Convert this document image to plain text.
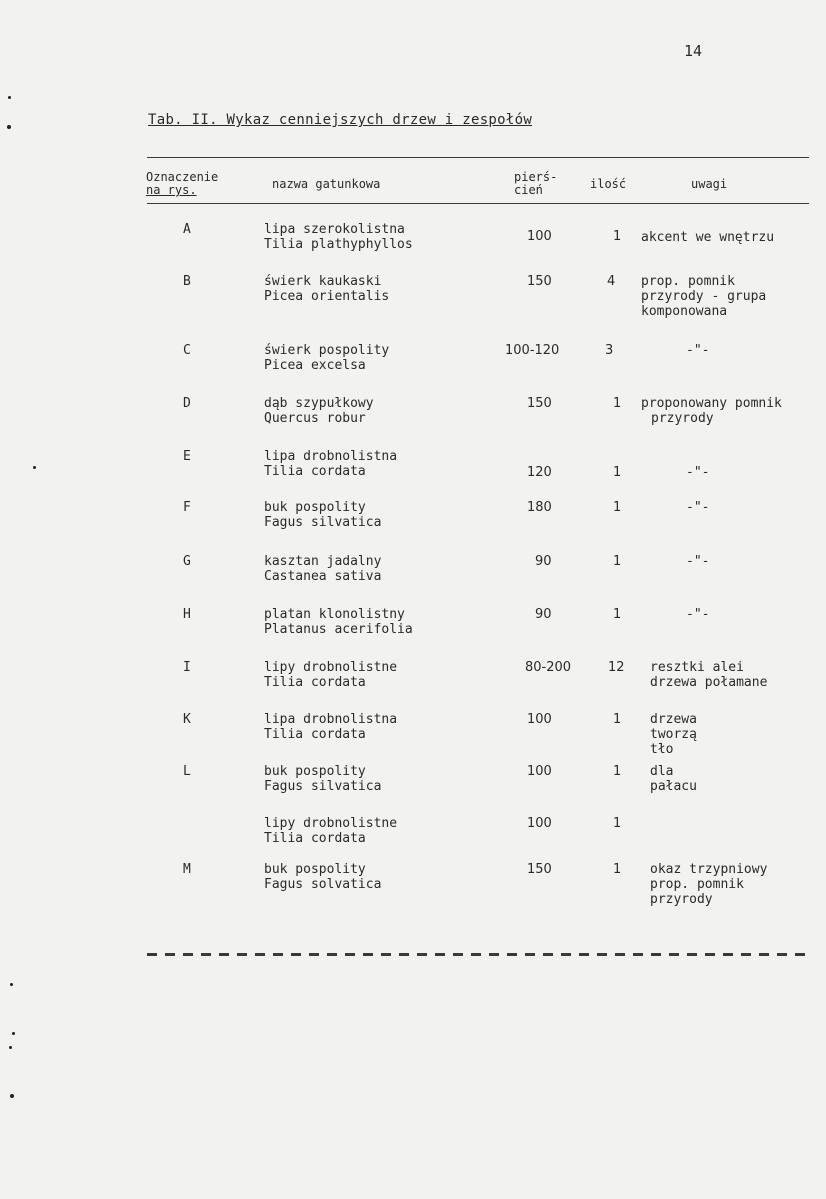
14
Tab. II. Wykaz cenniejszych drzew i zespołów
Oznaczenie
na rys.	nazwa gatunkowa	pierś-
cień	ilość	uwagi
A	lipa szerokolistna
Tilia plathyphyllos
100	1 akcent we wnętrzu
B	świerk kaukaski
Picea orientalis
150	4 prop. pomnik
przyrody - grupa
komponowana
C	świerk pospolity
Picea excelsa
100-120	3	-"-
D	dąb szypułkowy
Quercus robur
150	1 proponowany pomnik
przyrody
E	lipa drobnolistna
Tilia cordata	120	1	-"-
F	buk pospolity
Fagus silvatica
180	1	-"-
G	kasztan jadalny
Castanea sativa
90	1	-"-
H	platan klonolistny
Platanus acerifolia
90	1	-"-
I	lipy drobnolistne
Tilia cordata
80-200	12 resztki alei
drzewa połamane
K	lipa drobnolistna
Tilia cordata
100	1 drzewa
tworzą
tło
L	buk pospolity
Fagus silvatica
100	1 dla
pałacu
lipy drobnolistne
Tilia cordata
100	1
M	buk pospolity
Fagus solvatica
150	1 okaz trzypniowy
prop. pomnik
przyrody
